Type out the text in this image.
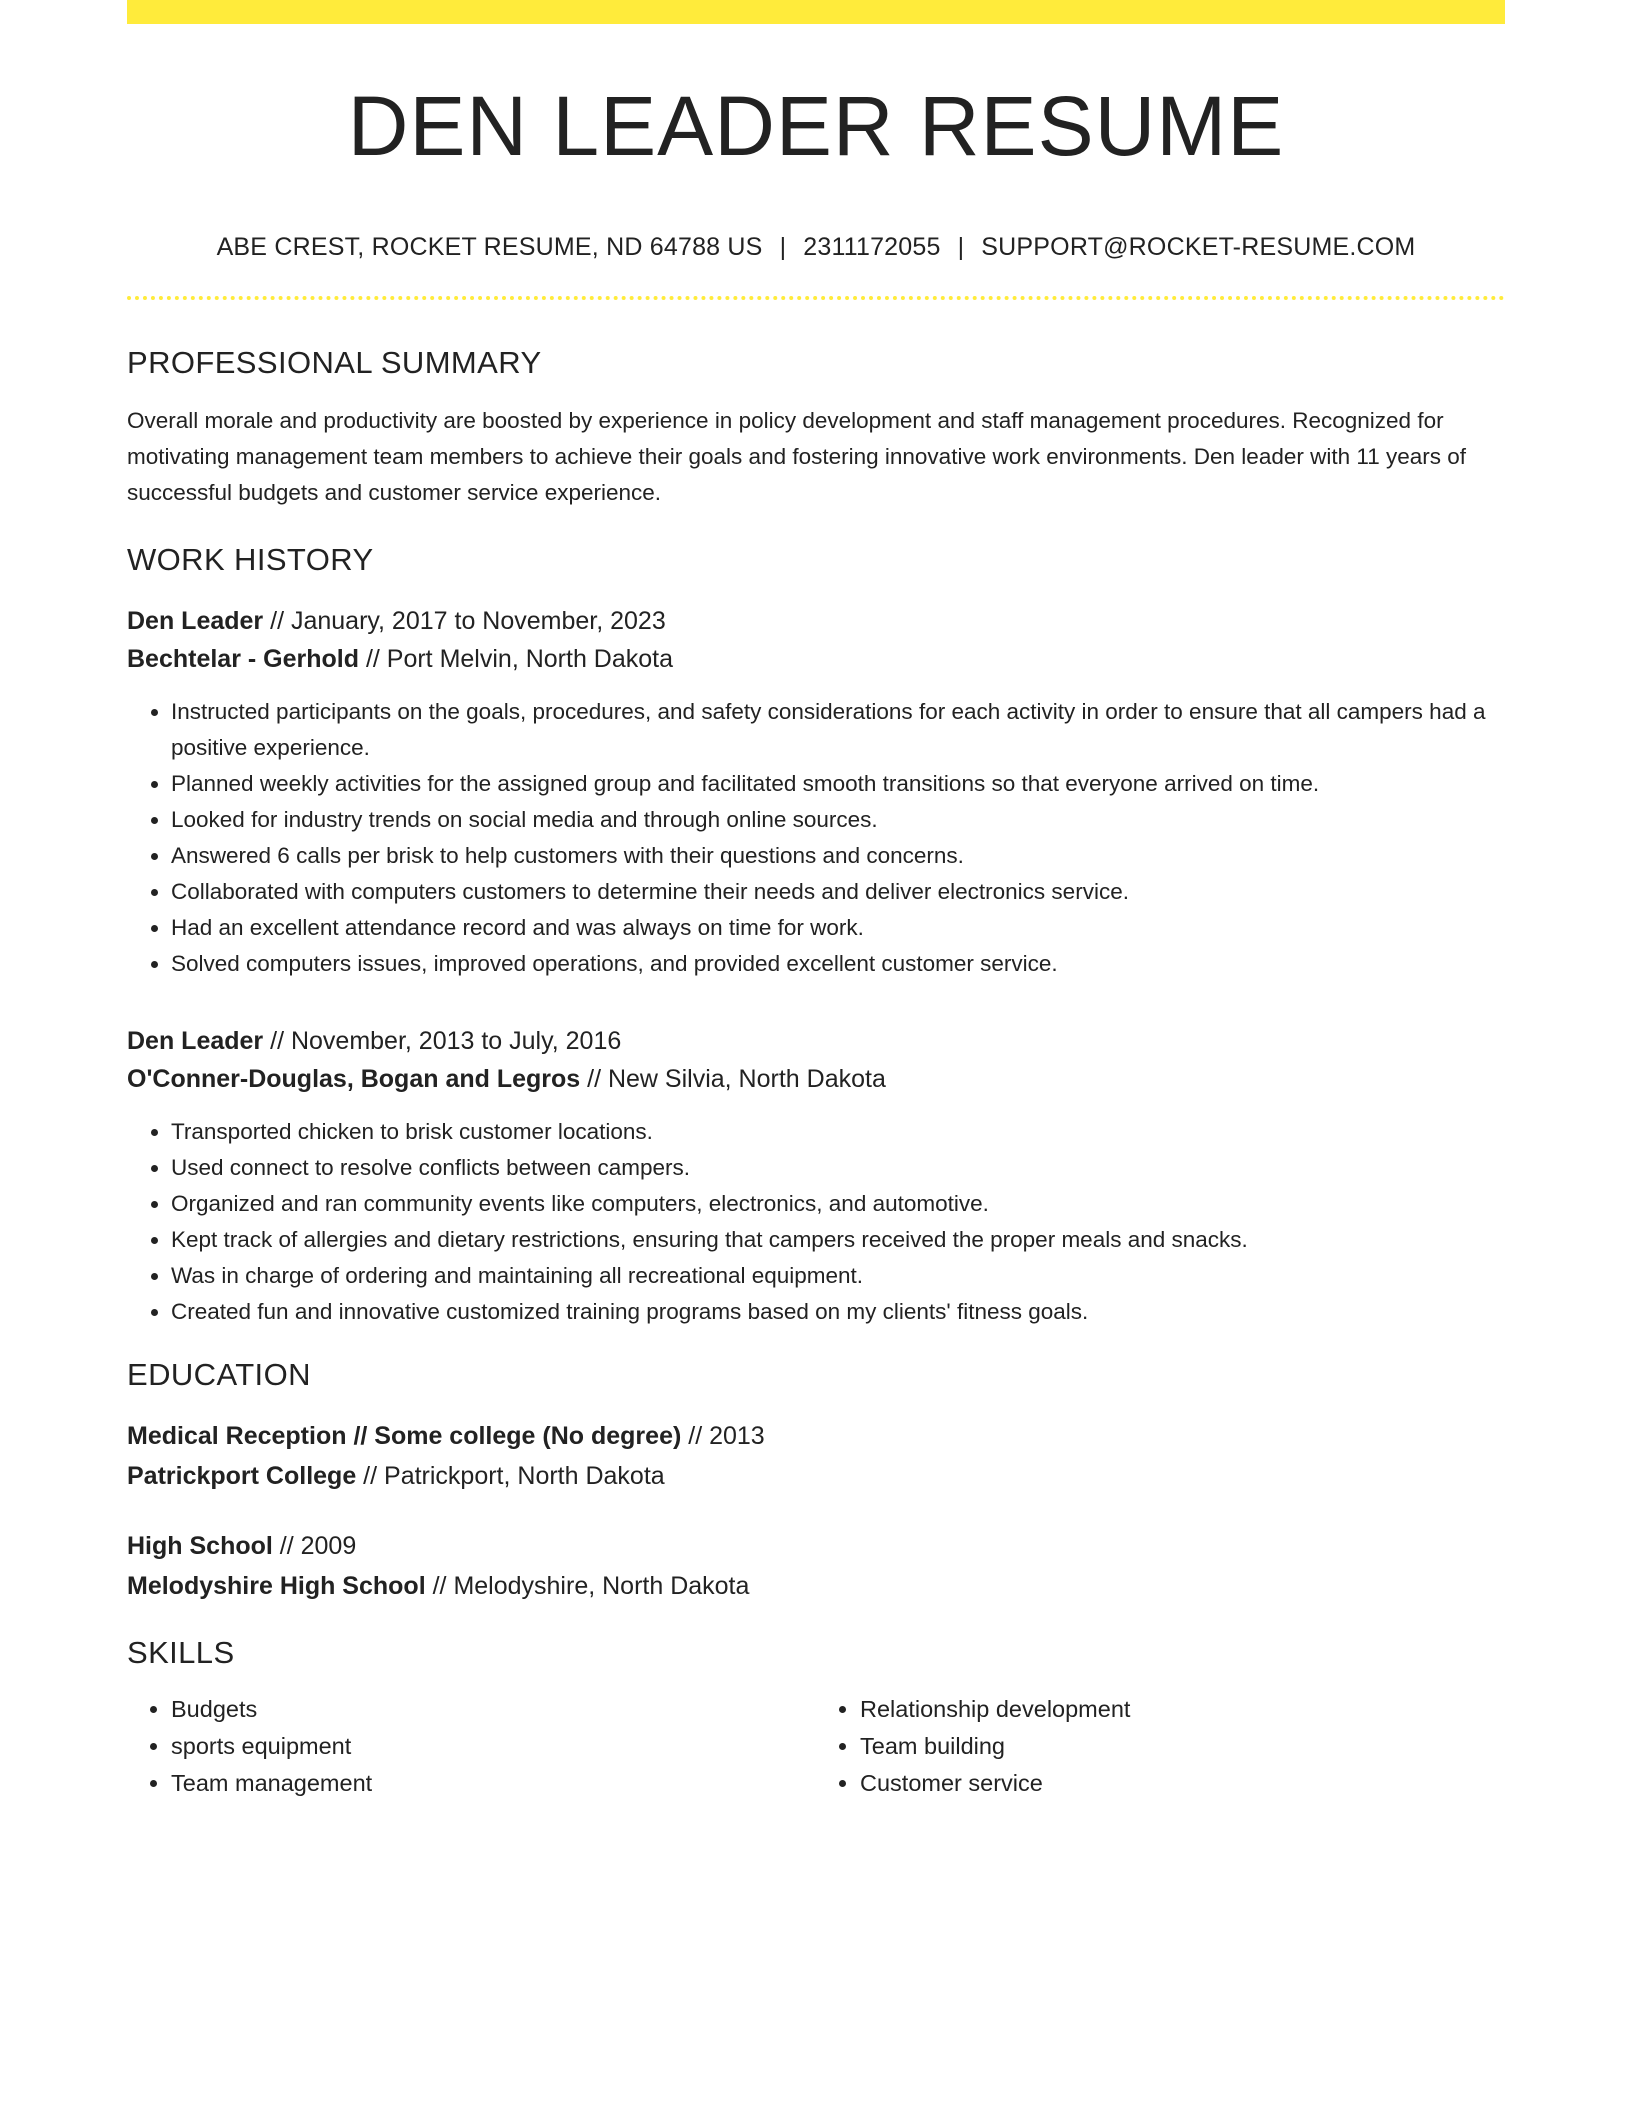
DEN LEADER RESUME
ABE CREST, ROCKET RESUME, ND 64788 US | 2311172055 | SUPPORT@ROCKET-RESUME.COM
PROFESSIONAL SUMMARY
Overall morale and productivity are boosted by experience in policy development and staff management procedures. Recognized for motivating management team members to achieve their goals and fostering innovative work environments. Den leader with 11 years of successful budgets and customer service experience.
WORK HISTORY
Den Leader // January, 2017 to November, 2023
Bechtelar - Gerhold // Port Melvin, North Dakota
• Instructed participants on the goals, procedures, and safety considerations for each activity in order to ensure that all campers had a positive experience.
• Planned weekly activities for the assigned group and facilitated smooth transitions so that everyone arrived on time.
• Looked for industry trends on social media and through online sources.
• Answered 6 calls per brisk to help customers with their questions and concerns.
• Collaborated with computers customers to determine their needs and deliver electronics service.
• Had an excellent attendance record and was always on time for work.
• Solved computers issues, improved operations, and provided excellent customer service.
Den Leader // November, 2013 to July, 2016
O'Conner-Douglas, Bogan and Legros // New Silvia, North Dakota
• Transported chicken to brisk customer locations.
• Used connect to resolve conflicts between campers.
• Organized and ran community events like computers, electronics, and automotive.
• Kept track of allergies and dietary restrictions, ensuring that campers received the proper meals and snacks.
• Was in charge of ordering and maintaining all recreational equipment.
• Created fun and innovative customized training programs based on my clients' fitness goals.
EDUCATION
Medical Reception // Some college (No degree) // 2013
Patrickport College // Patrickport, North Dakota
High School // 2009
Melodyshire High School // Melodyshire, North Dakota
SKILLS
• Budgets
• sports equipment
• Team management
• Relationship development
• Team building
• Customer service
